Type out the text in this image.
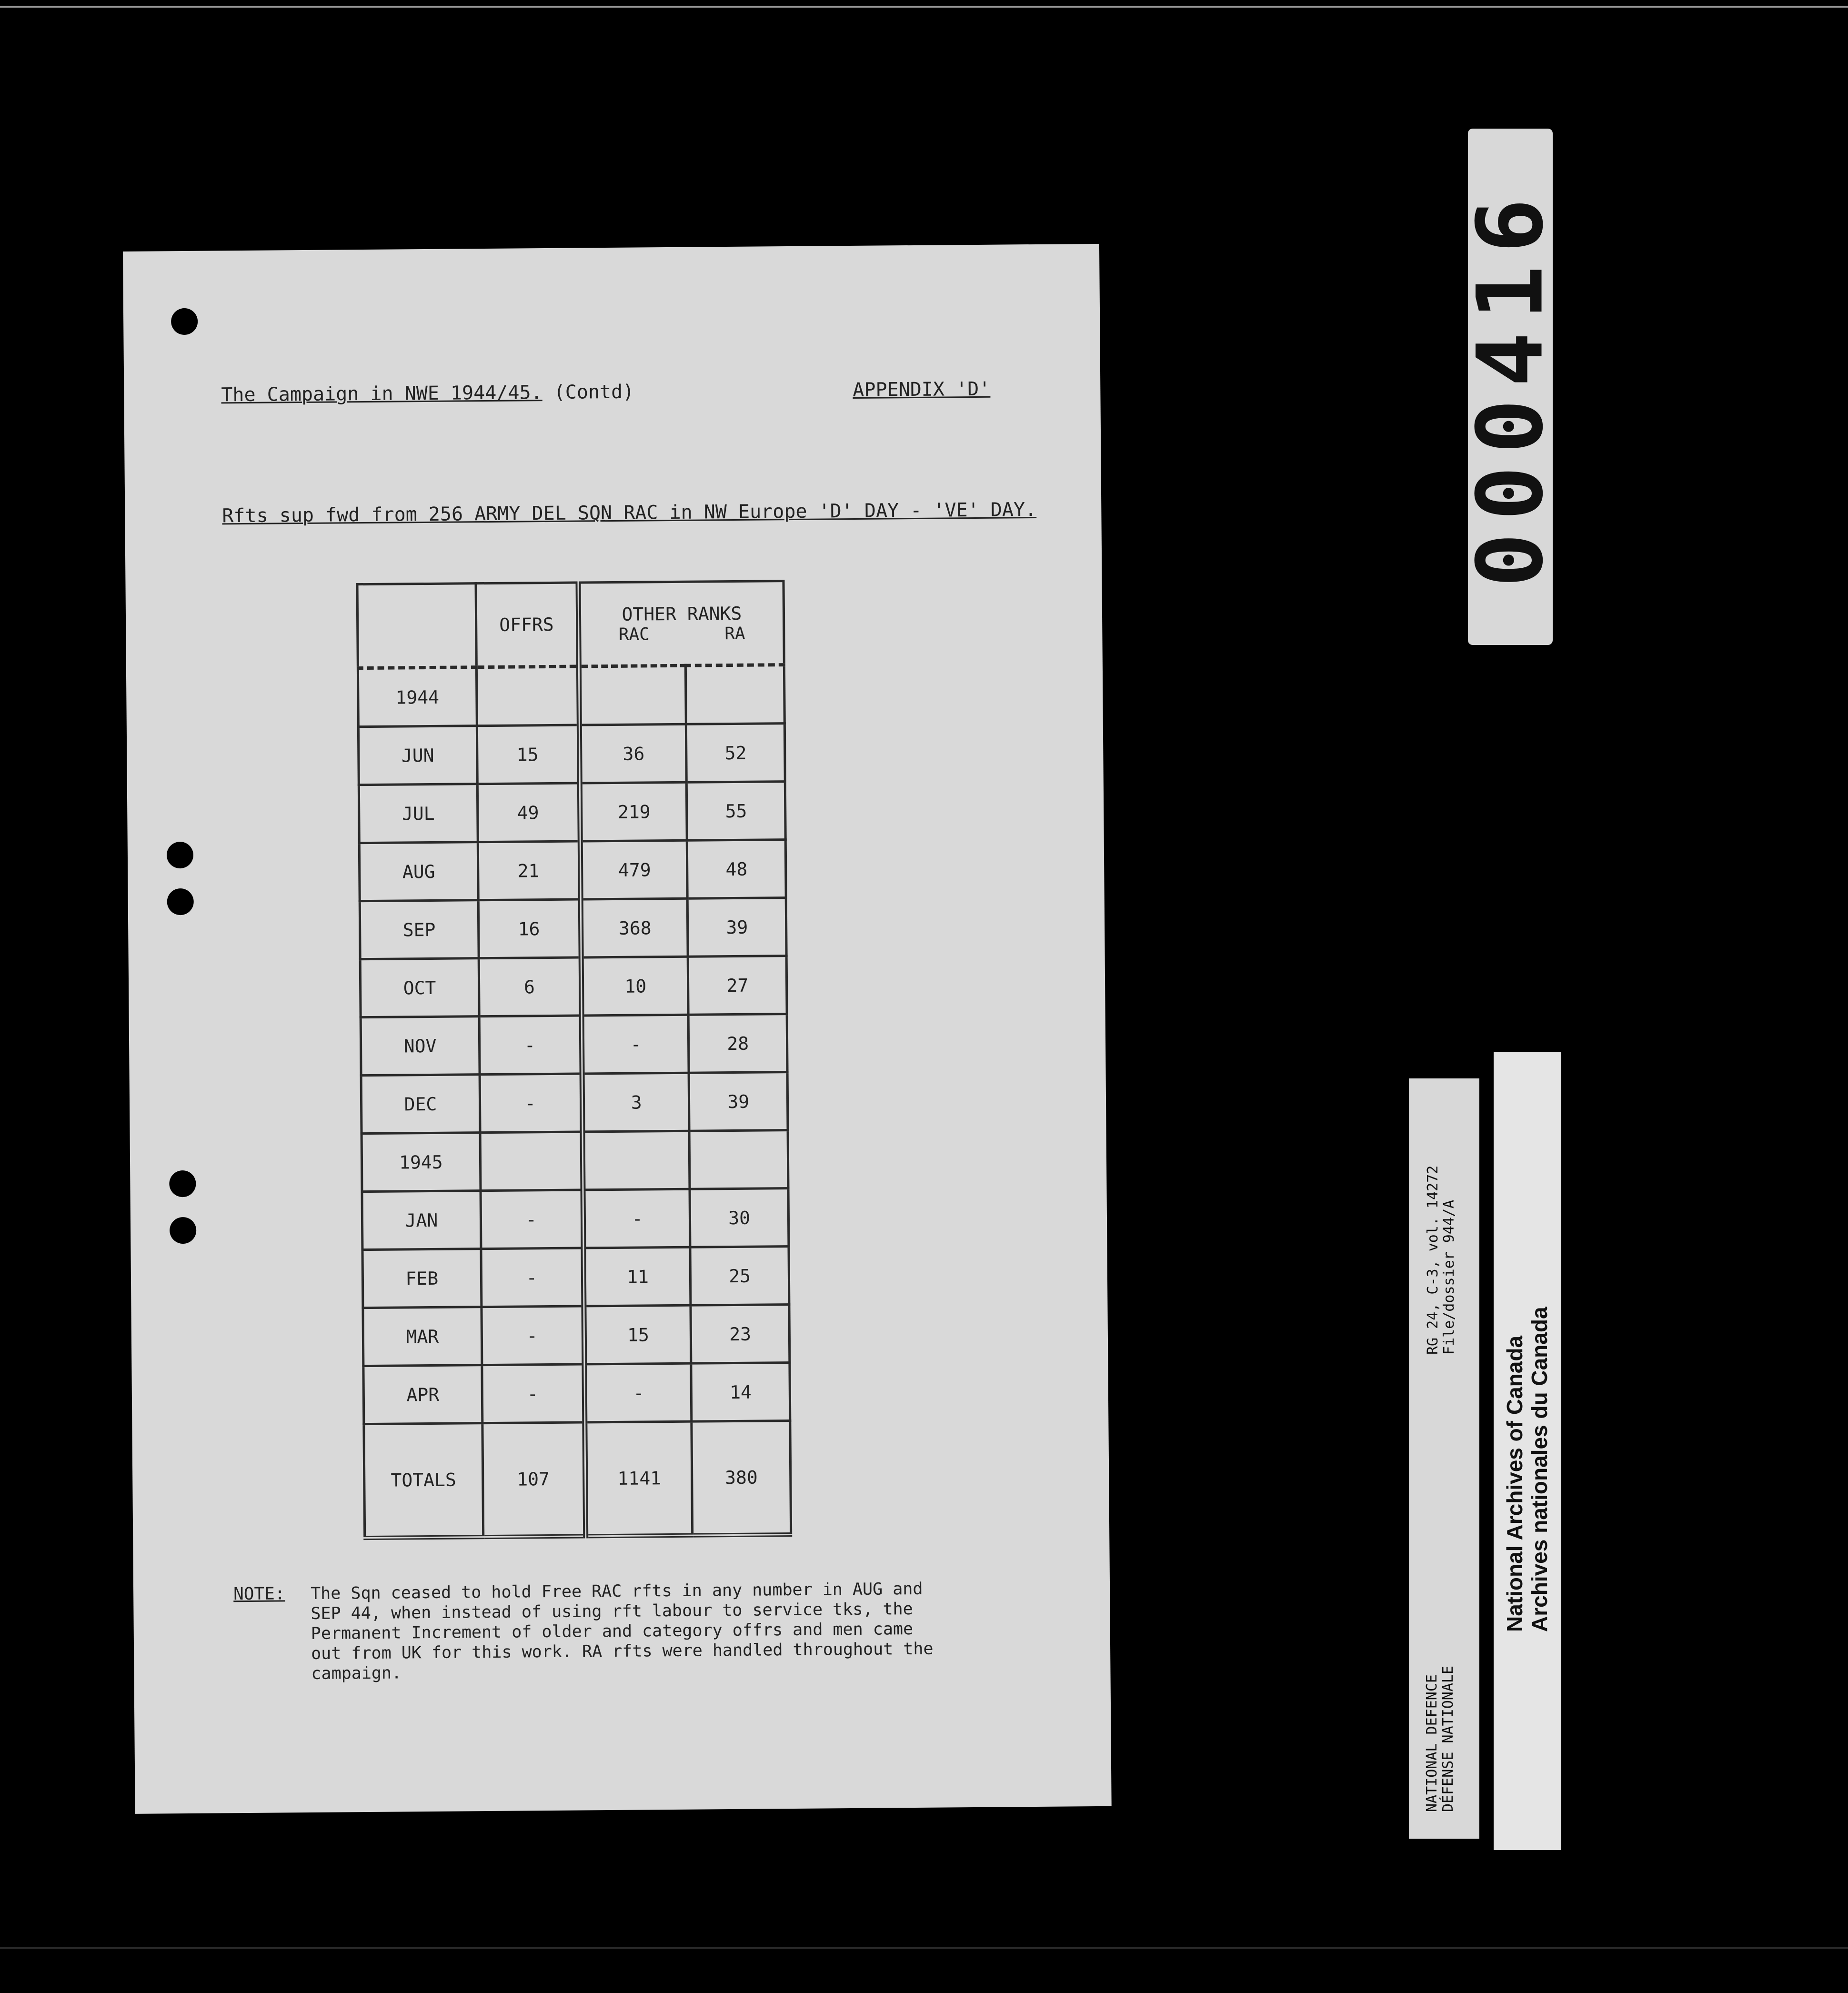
The Campaign in NWE 1944/45. (Contd)	APPENDIX 'D'
Rfts sup fwd from 256 ARMY DEL SQN RAC in NW Europe 'D' DAY - 'VE' DAY.
	OFFRS	OTHER RANKS
RAC RA	

1944			
JUN	15	36	52
JUL	49	219	55
AUG	21	479	48
SEP	16	368	39
OCT	6	10	27
NOV	-	-	28
DEC	-	3	39
1945			
JAN	-	-	30
FEB	-	11	25
MAR	-	15	23
APR	-	-	14
TOTALS	107	1141	380
NOTE: The Sqn ceased to hold Free RAC rfts in any number in AUG and SEP 44, when instead of using rft labour to service tks, the Permanent Increment of older and category offrs and men came out from UK for this work. RA rfts were handled throughout the campaign.
000416
NATIONAL DEFENCE
DÉFENSE NATIONALE
RG 24, C-3, vol. 14272
File/dossier 944/A
National Archives of Canada
Archives nationales du Canada
